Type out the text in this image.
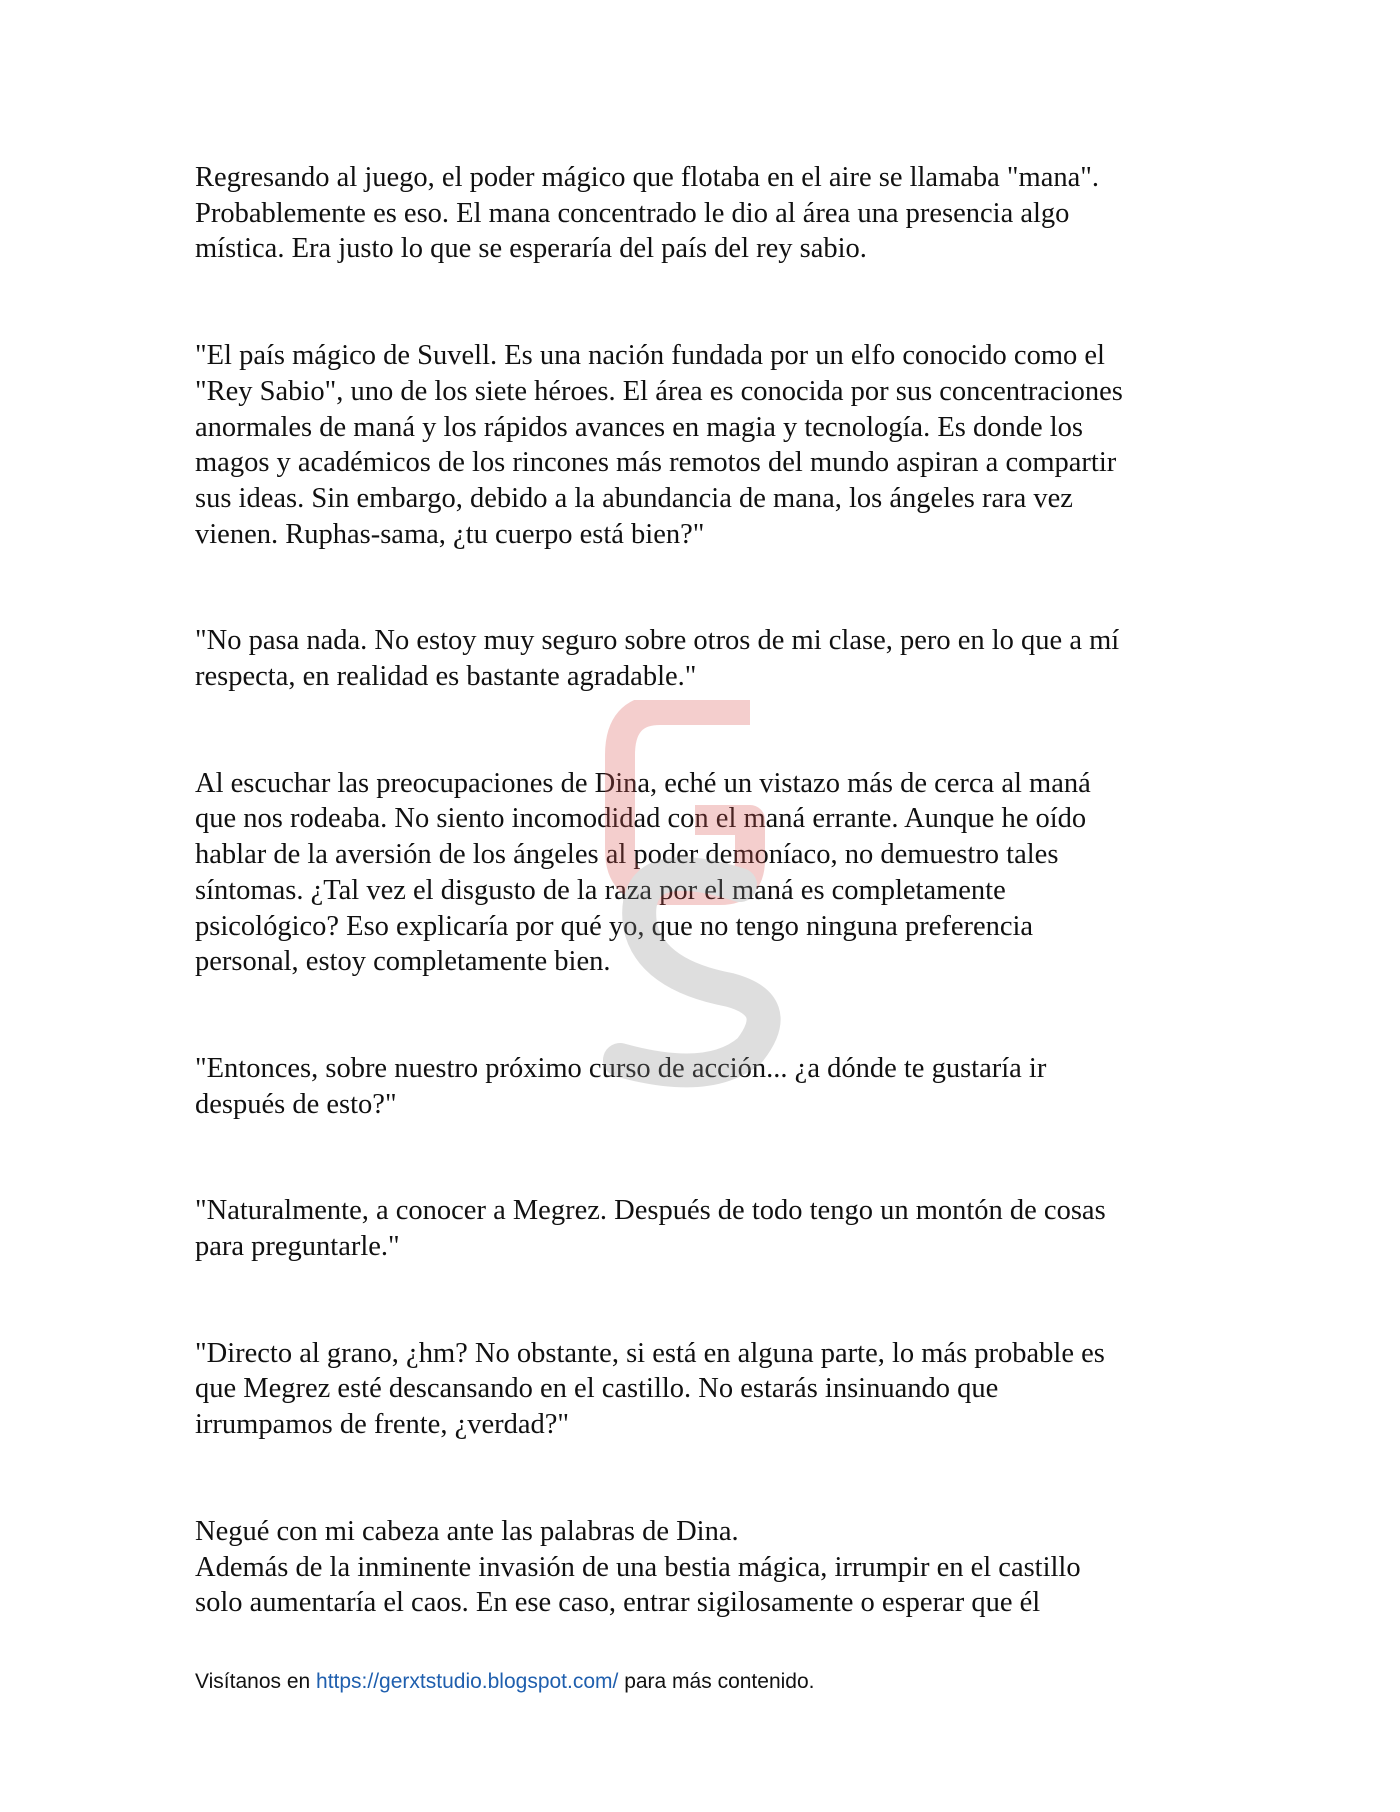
Regresando al juego, el poder mágico que flotaba en el aire se llamaba "mana".
Probablemente es eso. El mana concentrado le dio al área una presencia algo
mística. Era justo lo que se esperaría del país del rey sabio.

"El país mágico de Suvell. Es una nación fundada por un elfo conocido como el
"Rey Sabio", uno de los siete héroes. El área es conocida por sus concentraciones
anormales de maná y los rápidos avances en magia y tecnología. Es donde los
magos y académicos de los rincones más remotos del mundo aspiran a compartir
sus ideas. Sin embargo, debido a la abundancia de mana, los ángeles rara vez
vienen. Ruphas-sama, ¿tu cuerpo está bien?"

"No pasa nada. No estoy muy seguro sobre otros de mi clase, pero en lo que a mí
respecta, en realidad es bastante agradable."

Al escuchar las preocupaciones de Dina, eché un vistazo más de cerca al maná
que nos rodeaba. No siento incomodidad con el maná errante. Aunque he oído
hablar de la aversión de los ángeles al poder demoníaco, no demuestro tales
síntomas. ¿Tal vez el disgusto de la raza por el maná es completamente
psicológico? Eso explicaría por qué yo, que no tengo ninguna preferencia
personal, estoy completamente bien.

"Entonces, sobre nuestro próximo curso de acción... ¿a dónde te gustaría ir
después de esto?"

"Naturalmente, a conocer a Megrez. Después de todo tengo un montón de cosas
para preguntarle."

"Directo al grano, ¿hm? No obstante, si está en alguna parte, lo más probable es
que Megrez esté descansando en el castillo. No estarás insinuando que
irrumpamos de frente, ¿verdad?"

Negué con mi cabeza ante las palabras de Dina.
Además de la inminente invasión de una bestia mágica, irrumpir en el castillo
solo aumentaría el caos. En ese caso, entrar sigilosamente o esperar que él

Visítanos en https://gerxtstudio.blogspot.com/ para más contenido.
